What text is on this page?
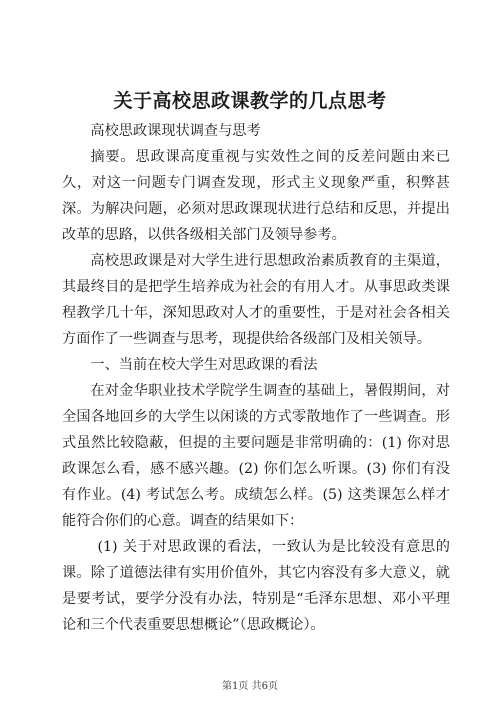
关于高校思政课教学的几点思考

高校思政课现状调查与思考

摘要。思政课高度重视与实效性之间的反差问题由来已久，对这一问题专门调查发现，形式主义现象严重，积弊甚深。为解决问题，必须对思政课现状进行总结和反思，并提出改革的思路，以供各级相关部门及领导参考。

高校思政课是对大学生进行思想政治素质教育的主渠道，其最终目的是把学生培养成为社会的有用人才。从事思政类课程教学几十年，深知思政对人才的重要性，于是对社会各相关方面作了一些调查与思考，现提供给各级部门及相关领导。

一、当前在校大学生对思政课的看法

在对金华职业技术学院学生调查的基础上，暑假期间，对全国各地回乡的大学生以闲谈的方式零散地作了一些调查。形式虽然比较隐蔽，但提的主要问题是非常明确的：(1) 你对思政课怎么看，感不感兴趣。(2) 你们怎么听课。(3) 你们有没有作业。(4) 考试怎么考。成绩怎么样。(5) 这类课怎么样才能符合你们的心意。调查的结果如下：

(1) 关于对思政课的看法，一致认为是比较没有意思的课。除了道德法律有实用价值外，其它内容没有多大意义，就是要考试，要学分没有办法，特别是“毛泽东思想、邓小平理论和三个代表重要思想概论”（思政概论）。

第1页 共6页
